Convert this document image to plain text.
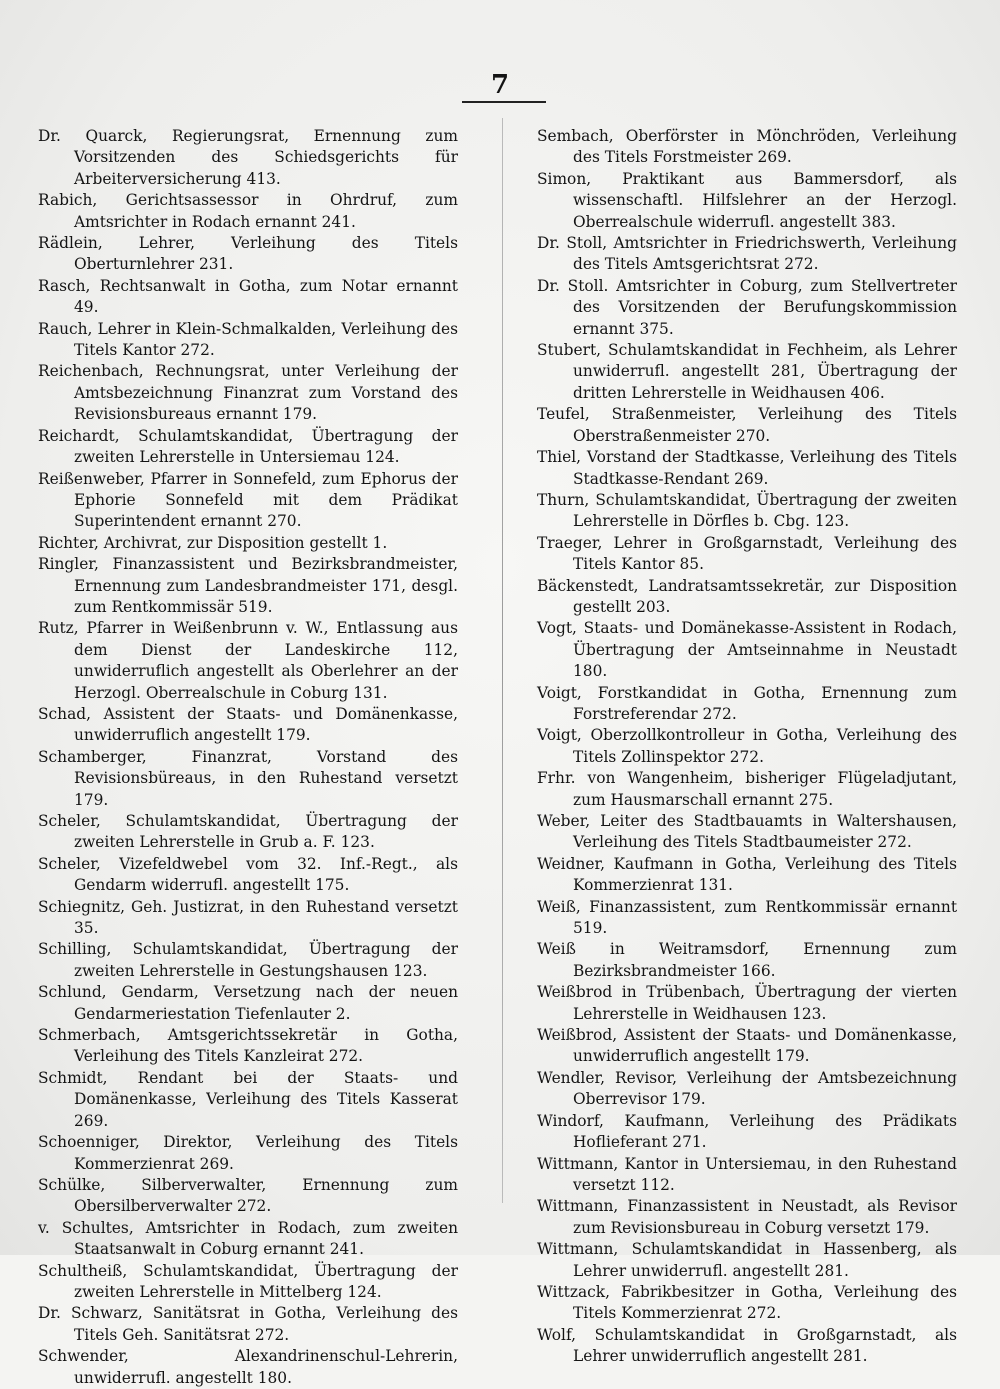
7

Dr. Quarck, Regierungsrat, Ernennung zum Vorsitzenden des Schiedsgerichts für Arbeiterversicherung 413.

Rabich, Gerichtsassessor in Ohrdruf, zum Amtsrichter in Rodach ernannt 241.

Rädlein, Lehrer, Verleihung des Titels Oberturnlehrer 231.

Rasch, Rechtsanwalt in Gotha, zum Notar ernannt 49.

Rauch, Lehrer in Klein-Schmalkalden, Verleihung des Titels Kantor 272.

Reichenbach, Rechnungsrat, unter Verleihung der Amtsbezeichnung Finanzrat zum Vorstand des Revisionsbureaus ernannt 179.

Reichardt, Schulamtskandidat, Übertragung der zweiten Lehrerstelle in Untersiemau 124.

Reißenweber, Pfarrer in Sonnefeld, zum Ephorus der Ephorie Sonnefeld mit dem Prädikat Superintendent ernannt 270.

Richter, Archivrat, zur Disposition gestellt 1.

Ringler, Finanzassistent und Bezirksbrandmeister, Ernennung zum Landesbrandmeister 171, desgl. zum Rentkommissär 519.

Rutz, Pfarrer in Weißenbrunn v. W., Entlassung aus dem Dienst der Landeskirche 112, unwiderruflich angestellt als Oberlehrer an der Herzogl. Oberrealschule in Coburg 131.

Schad, Assistent der Staats- und Domänenkasse, unwiderruflich angestellt 179.

Schamberger, Finanzrat, Vorstand des Revisionsbüreaus, in den Ruhestand versetzt 179.

Scheler, Schulamtskandidat, Übertragung der zweiten Lehrerstelle in Grub a. F. 123.

Scheler, Vizefeldwebel vom 32. Inf.-Regt., als Gendarm widerrufl. angestellt 175.

Schiegnitz, Geh. Justizrat, in den Ruhestand versetzt 35.

Schilling, Schulamtskandidat, Übertragung der zweiten Lehrerstelle in Gestungshausen 123.

Schlund, Gendarm, Versetzung nach der neuen Gendarmeriestation Tiefenlauter 2.

Schmerbach, Amtsgerichtssekretär in Gotha, Verleihung des Titels Kanzleirat 272.

Schmidt, Rendant bei der Staats- und Domänenkasse, Verleihung des Titels Kasserat 269.

Schoenniger, Direktor, Verleihung des Titels Kommerzienrat 269.

Schülke, Silberverwalter, Ernennung zum Obersilberverwalter 272.

v. Schultes, Amtsrichter in Rodach, zum zweiten Staatsanwalt in Coburg ernannt 241.

Schultheiß, Schulamtskandidat, Übertragung der zweiten Lehrerstelle in Mittelberg 124.

Dr. Schwarz, Sanitätsrat in Gotha, Verleihung des Titels Geh. Sanitätsrat 272.

Schwender, Alexandrinenschul-Lehrerin, unwiderrufl. angestellt 180.

Sembach, Oberförster in Mönchröden, Verleihung des Titels Forstmeister 269.

Simon, Praktikant aus Bammersdorf, als wissenschaftl. Hilfslehrer an der Herzogl. Oberrealschule widerrufl. angestellt 383.

Dr. Stoll, Amtsrichter in Friedrichswerth, Verleihung des Titels Amtsgerichtsrat 272.

Dr. Stoll. Amtsrichter in Coburg, zum Stellvertreter des Vorsitzenden der Berufungskommission ernannt 375.

Stubert, Schulamtskandidat in Fechheim, als Lehrer unwiderrufl. angestellt 281, Übertragung der dritten Lehrerstelle in Weidhausen 406.

Teufel, Straßenmeister, Verleihung des Titels Oberstraßenmeister 270.

Thiel, Vorstand der Stadtkasse, Verleihung des Titels Stadtkasse-Rendant 269.

Thurn, Schulamtskandidat, Übertragung der zweiten Lehrerstelle in Dörfles b. Cbg. 123.

Traeger, Lehrer in Großgarnstadt, Verleihung des Titels Kantor 85.

Bäckenstedt, Landratsamtssekretär, zur Disposition gestellt 203.

Vogt, Staats- und Domänekasse-Assistent in Rodach, Übertragung der Amtseinnahme in Neustadt 180.

Voigt, Forstkandidat in Gotha, Ernennung zum Forstreferendar 272.

Voigt, Oberzollkontrolleur in Gotha, Verleihung des Titels Zollinspektor 272.

Frhr. von Wangenheim, bisheriger Flügeladjutant, zum Hausmarschall ernannt 275.

Weber, Leiter des Stadtbauamts in Waltershausen, Verleihung des Titels Stadtbaumeister 272.

Weidner, Kaufmann in Gotha, Verleihung des Titels Kommerzienrat 131.

Weiß, Finanzassistent, zum Rentkommissär ernannt 519.

Weiß in Weitramsdorf, Ernennung zum Bezirksbrandmeister 166.

Weißbrod in Trübenbach, Übertragung der vierten Lehrerstelle in Weidhausen 123.

Weißbrod, Assistent der Staats- und Domänenkasse, unwiderruflich angestellt 179.

Wendler, Revisor, Verleihung der Amtsbezeichnung Oberrevisor 179.

Windorf, Kaufmann, Verleihung des Prädikats Hoflieferant 271.

Wittmann, Kantor in Untersiemau, in den Ruhestand versetzt 112.

Wittmann, Finanzassistent in Neustadt, als Revisor zum Revisionsbureau in Coburg versetzt 179.

Wittmann, Schulamtskandidat in Hassenberg, als Lehrer unwiderrufl. angestellt 281.

Wittzack, Fabrikbesitzer in Gotha, Verleihung des Titels Kommerzienrat 272.

Wolf, Schulamtskandidat in Großgarnstadt, als Lehrer unwiderruflich angestellt 281.
